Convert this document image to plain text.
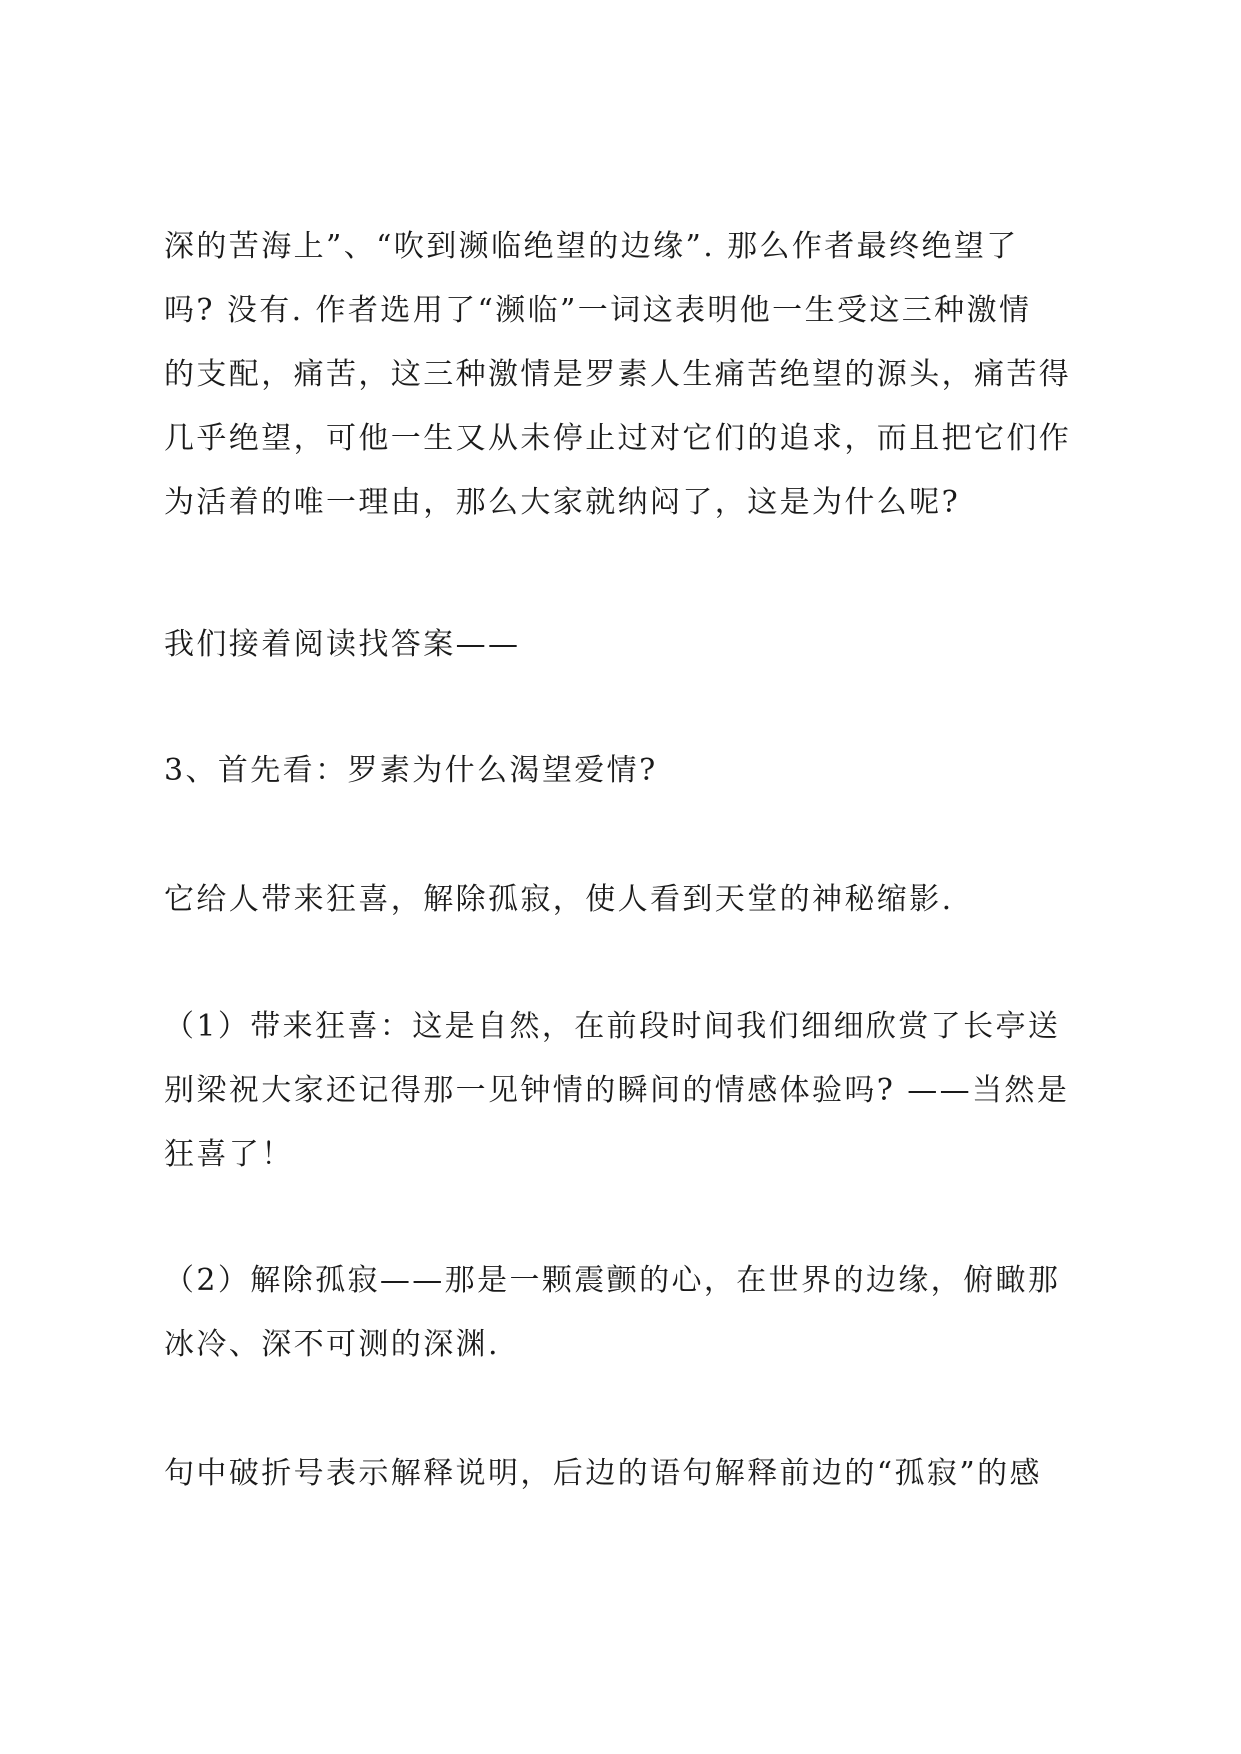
深的苦海上”、“吹到濒临绝望的边缘”. 那么作者最终绝望了
吗? 没有. 作者选用了“濒临”一词这表明他一生受这三种激情
的支配，痛苦，这三种激情是罗素人生痛苦绝望的源头，痛苦得
几乎绝望，可他一生又从未停止过对它们的追求，而且把它们作
为活着的唯一理由，那么大家就纳闷了，这是为什么呢?

我们接着阅读找答案——

3、首先看：罗素为什么渴望爱情?

它给人带来狂喜，解除孤寂，使人看到天堂的神秘缩影.

（1）带来狂喜：这是自然，在前段时间我们细细欣赏了长亭送
别梁祝大家还记得那一见钟情的瞬间的情感体验吗? ——当然是
狂喜了！

（2）解除孤寂——那是一颗震颤的心，在世界的边缘，俯瞰那
冰冷、深不可测的深渊.

句中破折号表示解释说明，后边的语句解释前边的“孤寂”的感
